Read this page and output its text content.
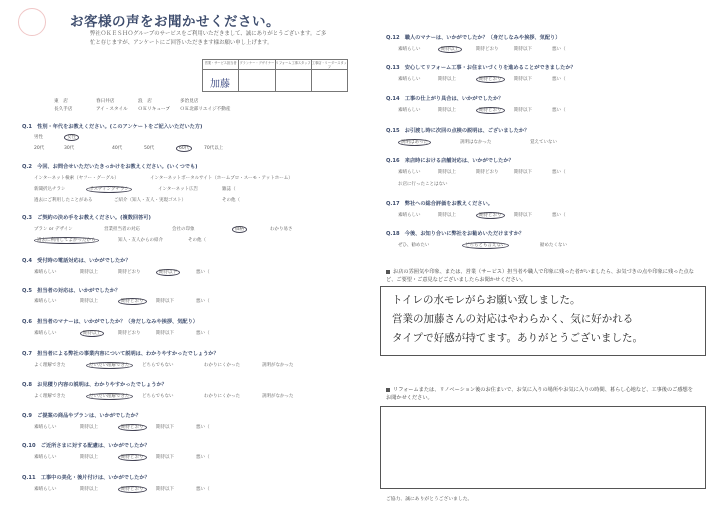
お客様の声をお聞かせください。
弊社ＯＫＥＳＨＯグループのサービスをご利用いただきまして、誠にありがとうございます。ご多忙と存じますが、アンケートにご回答いただきます様お願い申し上げます。
営業・サービス担当者 プランナー・デザイナー リフォーム工事スタッフ 工事店・リーダースタッフ
加藤
東　店	春日井店	浪　店	多治見店
長久手店	アイ・スタイル ＯＫリキューブ ＯＫ北部リエイジ不動産
Q.1　性別・年代をお教えください。(このアンケートをご記入いただいた方)
男性	女性
20代	30代	40代	50代	60代	70代以上
Q.2　今回、お問合せいただいたきっかけをお教えください。(いくつでも)
インターネット検索（ヤフー・グーグル）	インターネットポータルサイト（ホームプロ・スーモ・アットホーム）
新聞折込チラシ	ポスティングチラシ	インターネット広告	雑誌（
過去にご利用したことがある	ご紹介（知人・友人・実現ゴスト）	その他（
Q.3　ご契約の決め手をお教えください。(複数回答可)
プラン or デザイン	営業担当者の対応	会社の印象	価格	わかり易さ
過去に利用してよかったから	知人・友人からの紹介	その他（
Q.4　受付時の電話対応は、いかがでしたか？
素晴らしい	期待以上	期待どおり	期待以下	悪い（
Q.5　担当者の対応は、いかがでしたか？
素晴らしい	期待以上	期待どおり	期待以下	悪い（
Q.6　担当者のマナーは、いかがでしたか？（身だしなみや挨拶、気配り）
素晴らしい	期待以上	期待どおり	期待以下	悪い（
Q.7　担当者による弊社の事業内容について説明は、わかりやすかったでしょうか？
よく理解できた	だいたい理解できた	どちらでもない	わかりにくかった	説明がなかった
Q.8　お見積り内容の説明は、わかりやすかったでしょうか？
よく理解できた	だいたい理解できた	どちらでもない	わかりにくかった	説明がなかった
Q.9　ご提案の商品やプランは、いかがでしたか？
素晴らしい	期待以上	期待どおり	期待以下	悪い（
Q.10　ご近所さまに対する配慮は、いかがでしたか？
素晴らしい	期待以上	期待どおり	期待以下	悪い（
Q.11　工事中の美化・後片付けは、いかがでしたか？
素晴らしい	期待以上	期待どおり	期待以下	悪い（
Q.12　職人のマナーは、いかがでしたか？（身だしなみや挨拶、気配り）
素晴らしい	期待以上	期待どおり	期待以下	悪い（
Q.13　安心してリフォーム工事・お住まいづくりを進めることができましたか？
素晴らしい	期待以上	期待どおり	期待以下	悪い（
Q.14　工事の仕上がり具合は、いかがでしたか？
素晴らしい	期待以上	期待どおり	期待以下	悪い（
Q.15　お引渡し時に次回の点検の説明は、ございましたか？
説明はあった	説明はなかった	覚えていない
Q.16　来店時における店舗対応は、いかがでしたか？
素晴らしい	期待以上	期待どおり	期待以下	悪い（
お店に行ったことはない
Q.17　弊社への総合評価をお教えください。
素晴らしい	期待以上	期待どおり	期待以下	悪い（
Q.18　今後、お知り合いに弊社をお勧めいただけますか？
ぜひ、勧めたい	どちらとも言えない	勧めたくない
お店の雰囲気や印象、または、営業（サービス）担当者や職人で印象に残った者がいましたら、お気づきの点や印象に残った点など、ご要望・ご意見などございましたらお聞かせください。
トイレの水モレがらお願い致しました。
営業の加藤さんの対応はやわらかく、気に好かれる
タイプで好感が持てます。ありがとうございました。
リフォームまたは、リノベーション後のお住まいで、お気に入りの場所やお気に入りの時間、暮らし心地など、工事後のご感想をお聞かせください。
ご協力、誠にありがとうございました。
